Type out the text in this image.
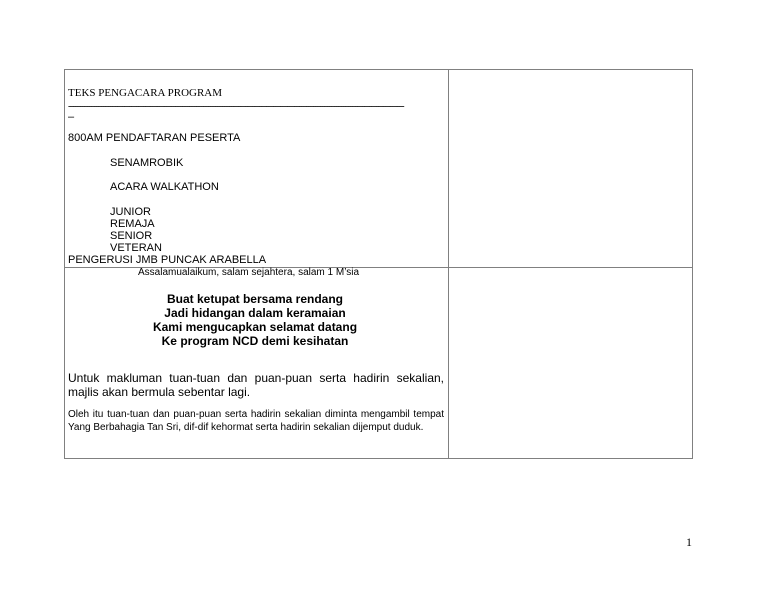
TEKS PENGACARA PROGRAM
------------------------------------------------------------------------------------------------------------------------------------------------
–
800AM PENDAFTARAN PESERTA
SENAMROBIK
ACARA WALKATHON
JUNIOR
REMAJA
SENIOR
VETERAN
PENGERUSI JMB PUNCAK ARABELLA
Assalamualaikum, salam sejahtera, salam 1 M’sia
Buat ketupat bersama rendang
Jadi hidangan dalam keramaian
Kami mengucapkan selamat datang
Ke program NCD demi kesihatan
Untuk makluman tuan-tuan dan puan-puan serta hadirin sekalian, majlis akan bermula sebentar lagi.
Oleh itu tuan-tuan dan puan-puan serta hadirin sekalian diminta mengambil tempat Yang Berbahagia Tan Sri, dif-dif kehormat serta hadirin sekalian dijemput duduk.
1
